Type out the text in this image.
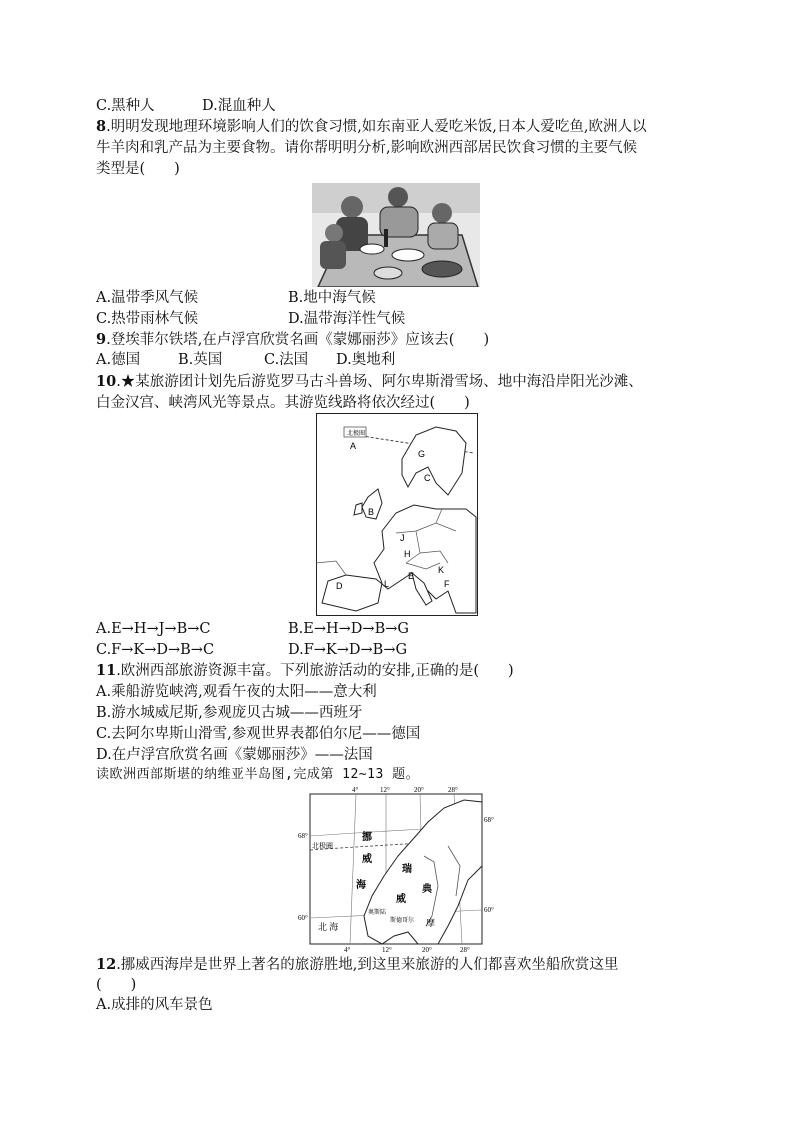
C.黑种人	D.混血种人
8.明明发现地理环境影响人们的饮食习惯,如东南亚人爱吃米饭,日本人爱吃鱼,欧洲人以
牛羊肉和乳产品为主要食物。请你帮明明分析,影响欧洲西部居民饮食习惯的主要气候
类型是(　　)
A.温带季风气候	B.地中海气候
C.热带雨林气候	D.温带海洋性气候
9.登埃菲尔铁塔,在卢浮宫欣赏名画《蒙娜丽莎》应该去(　　)
A.德国	B.英国	C.法国 D.奥地利
10.★某旅游团计划先后游览罗马古斗兽场、阿尔卑斯滑雪场、地中海沿岸阳光沙滩、
白金汉宫、峡湾风光等景点。其游览线路将依次经过(　　)
北极圈
A
G
C
B
J
H
E
K
F
D	L
A.E→H→J→B→C	B.E→H→D→B→G
C.F→K→D→B→C	D.F→K→D→B→G
11.欧洲西部旅游资源丰富。下列旅游活动的安排,正确的是(　　)
A.乘船游览峡湾,观看午夜的太阳——意大利
B.游水城威尼斯,参观庞贝古城——西班牙
C.去阿尔卑斯山滑雪,参观世界表都伯尔尼——德国
D.在卢浮宫欣赏名画《蒙娜丽莎》——法国
读欧洲西部斯堪的纳维亚半岛图,完成第 12~13 题。
4°	12°	20°	28°
4°	12°	20°	28°
68°
68°
60°
60°
北极圈
挪
威
海
瑞
威
典
北 海
奥斯陆
斯德哥尔 摩
12.挪威西海岸是世界上著名的旅游胜地,到这里来旅游的人们都喜欢坐船欣赏这里
(　　)
A.成排的风车景色
